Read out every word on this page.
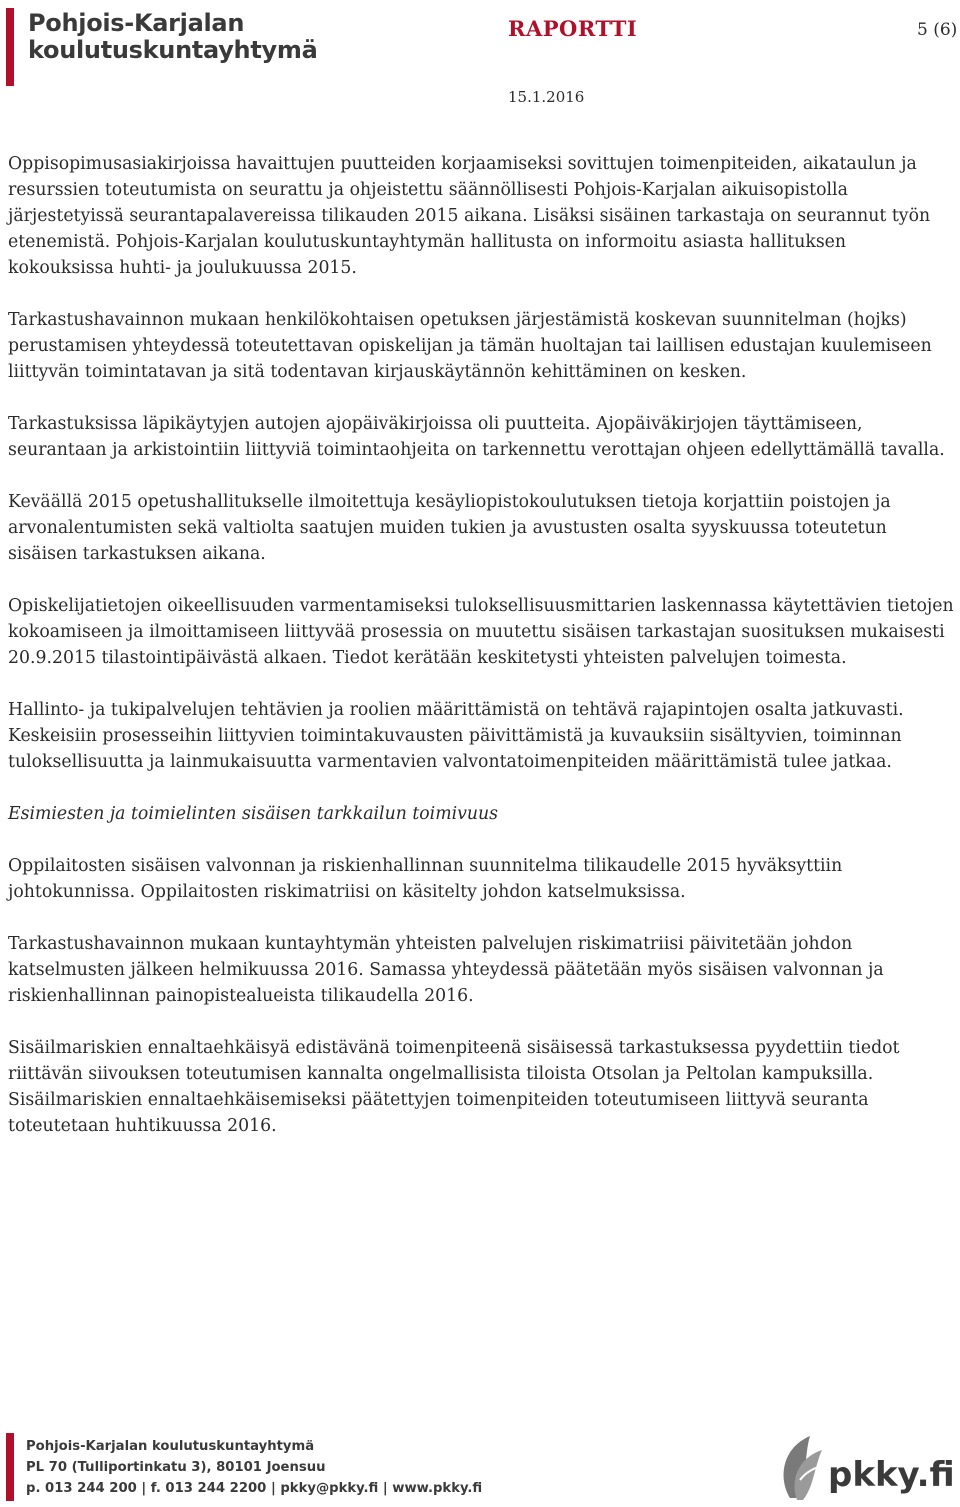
Pohjois-Karjalan
koulutuskuntayhtymä
RAPORTTI	5 (6)
15.1.2016

Oppisopimusasiakirjoissa havaittujen puutteiden korjaamiseksi sovittujen toimenpiteiden, aikataulun ja resurssien toteutumista on seurattu ja ohjeistettu säännöllisesti Pohjois-Karjalan aikuisopistolla järjestetyissä seurantapalavereissa tilikauden 2015 aikana. Lisäksi sisäinen tarkastaja on seurannut työn etenemistä. Pohjois-Karjalan koulutuskuntayhtymän hallitusta on informoitu asiasta hallituksen kokouksissa huhti- ja joulukuussa 2015.

Tarkastushavainnon mukaan henkilökohtaisen opetuksen järjestämistä koskevan suunnitelman (hojks) perustamisen yhteydessä toteutettavan opiskelijan ja tämän huoltajan tai laillisen edustajan kuulemiseen liittyvän toimintatavan ja sitä todentavan kirjauskäytännön kehittäminen on kesken.

Tarkastuksissa läpikäytyjen autojen ajopäiväkirjoissa oli puutteita. Ajopäiväkirjojen täyttämiseen, seurantaan ja arkistointiin liittyviä toimintaohjeita on tarkennettu verottajan ohjeen edellyttämällä tavalla.

Keväällä 2015 opetushallitukselle ilmoitettuja kesäyliopistokoulutuksen tietoja korjattiin poistojen ja arvonalentumisten sekä valtiolta saatujen muiden tukien ja avustusten osalta syyskuussa toteutetun sisäisen tarkastuksen aikana.

Opiskelijatietojen oikeellisuuden varmentamiseksi tuloksellisuusmittarien laskennassa käytettävien tietojen kokoamiseen ja ilmoittamiseen liittyvää prosessia on muutettu sisäisen tarkastajan suosituksen mukaisesti 20.9.2015 tilastointipäivästä alkaen. Tiedot kerätään keskitetysti yhteisten palvelujen toimesta.

Hallinto- ja tukipalvelujen tehtävien ja roolien määrittämistä on tehtävä rajapintojen osalta jatkuvasti. Keskeisiin prosesseihin liittyvien toimintakuvausten päivittämistä ja kuvauksiin sisältyvien, toiminnan tuloksellisuutta ja lainmukaisuutta varmentavien valvontatoimenpiteiden määrittämistä tulee jatkaa.

Esimiesten ja toimielinten sisäisen tarkkailun toimivuus

Oppilaitosten sisäisen valvonnan ja riskienhallinnan suunnitelma tilikaudelle 2015 hyväksyttiin johtokunnissa. Oppilaitosten riskimatriisi on käsitelty johdon katselmuksissa.

Tarkastushavainnon mukaan kuntayhtymän yhteisten palvelujen riskimatriisi päivitetään johdon katselmusten jälkeen helmikuussa 2016. Samassa yhteydessä päätetään myös sisäisen valvonnan ja riskienhallinnan painopistealueista tilikaudella 2016.

Sisäilmariskien ennaltaehkäisyä edistävänä toimenpiteenä sisäisessä tarkastuksessa pyydettiin tiedot riittävän siivouksen toteutumisen kannalta ongelmallisista tiloista Otsolan ja Peltolan kampuksilla. Sisäilmariskien ennaltaehkäisemiseksi päätettyjen toimenpiteiden toteutumiseen liittyvä seuranta toteutetaan huhtikuussa 2016.

Pohjois-Karjalan koulutuskuntayhtymä
PL 70 (Tulliportinkatu 3), 80101 Joensuu
p. 013 244 200 | f. 013 244 2200 | pkky@pkky.fi | www.pkky.fi	pkky.fi
